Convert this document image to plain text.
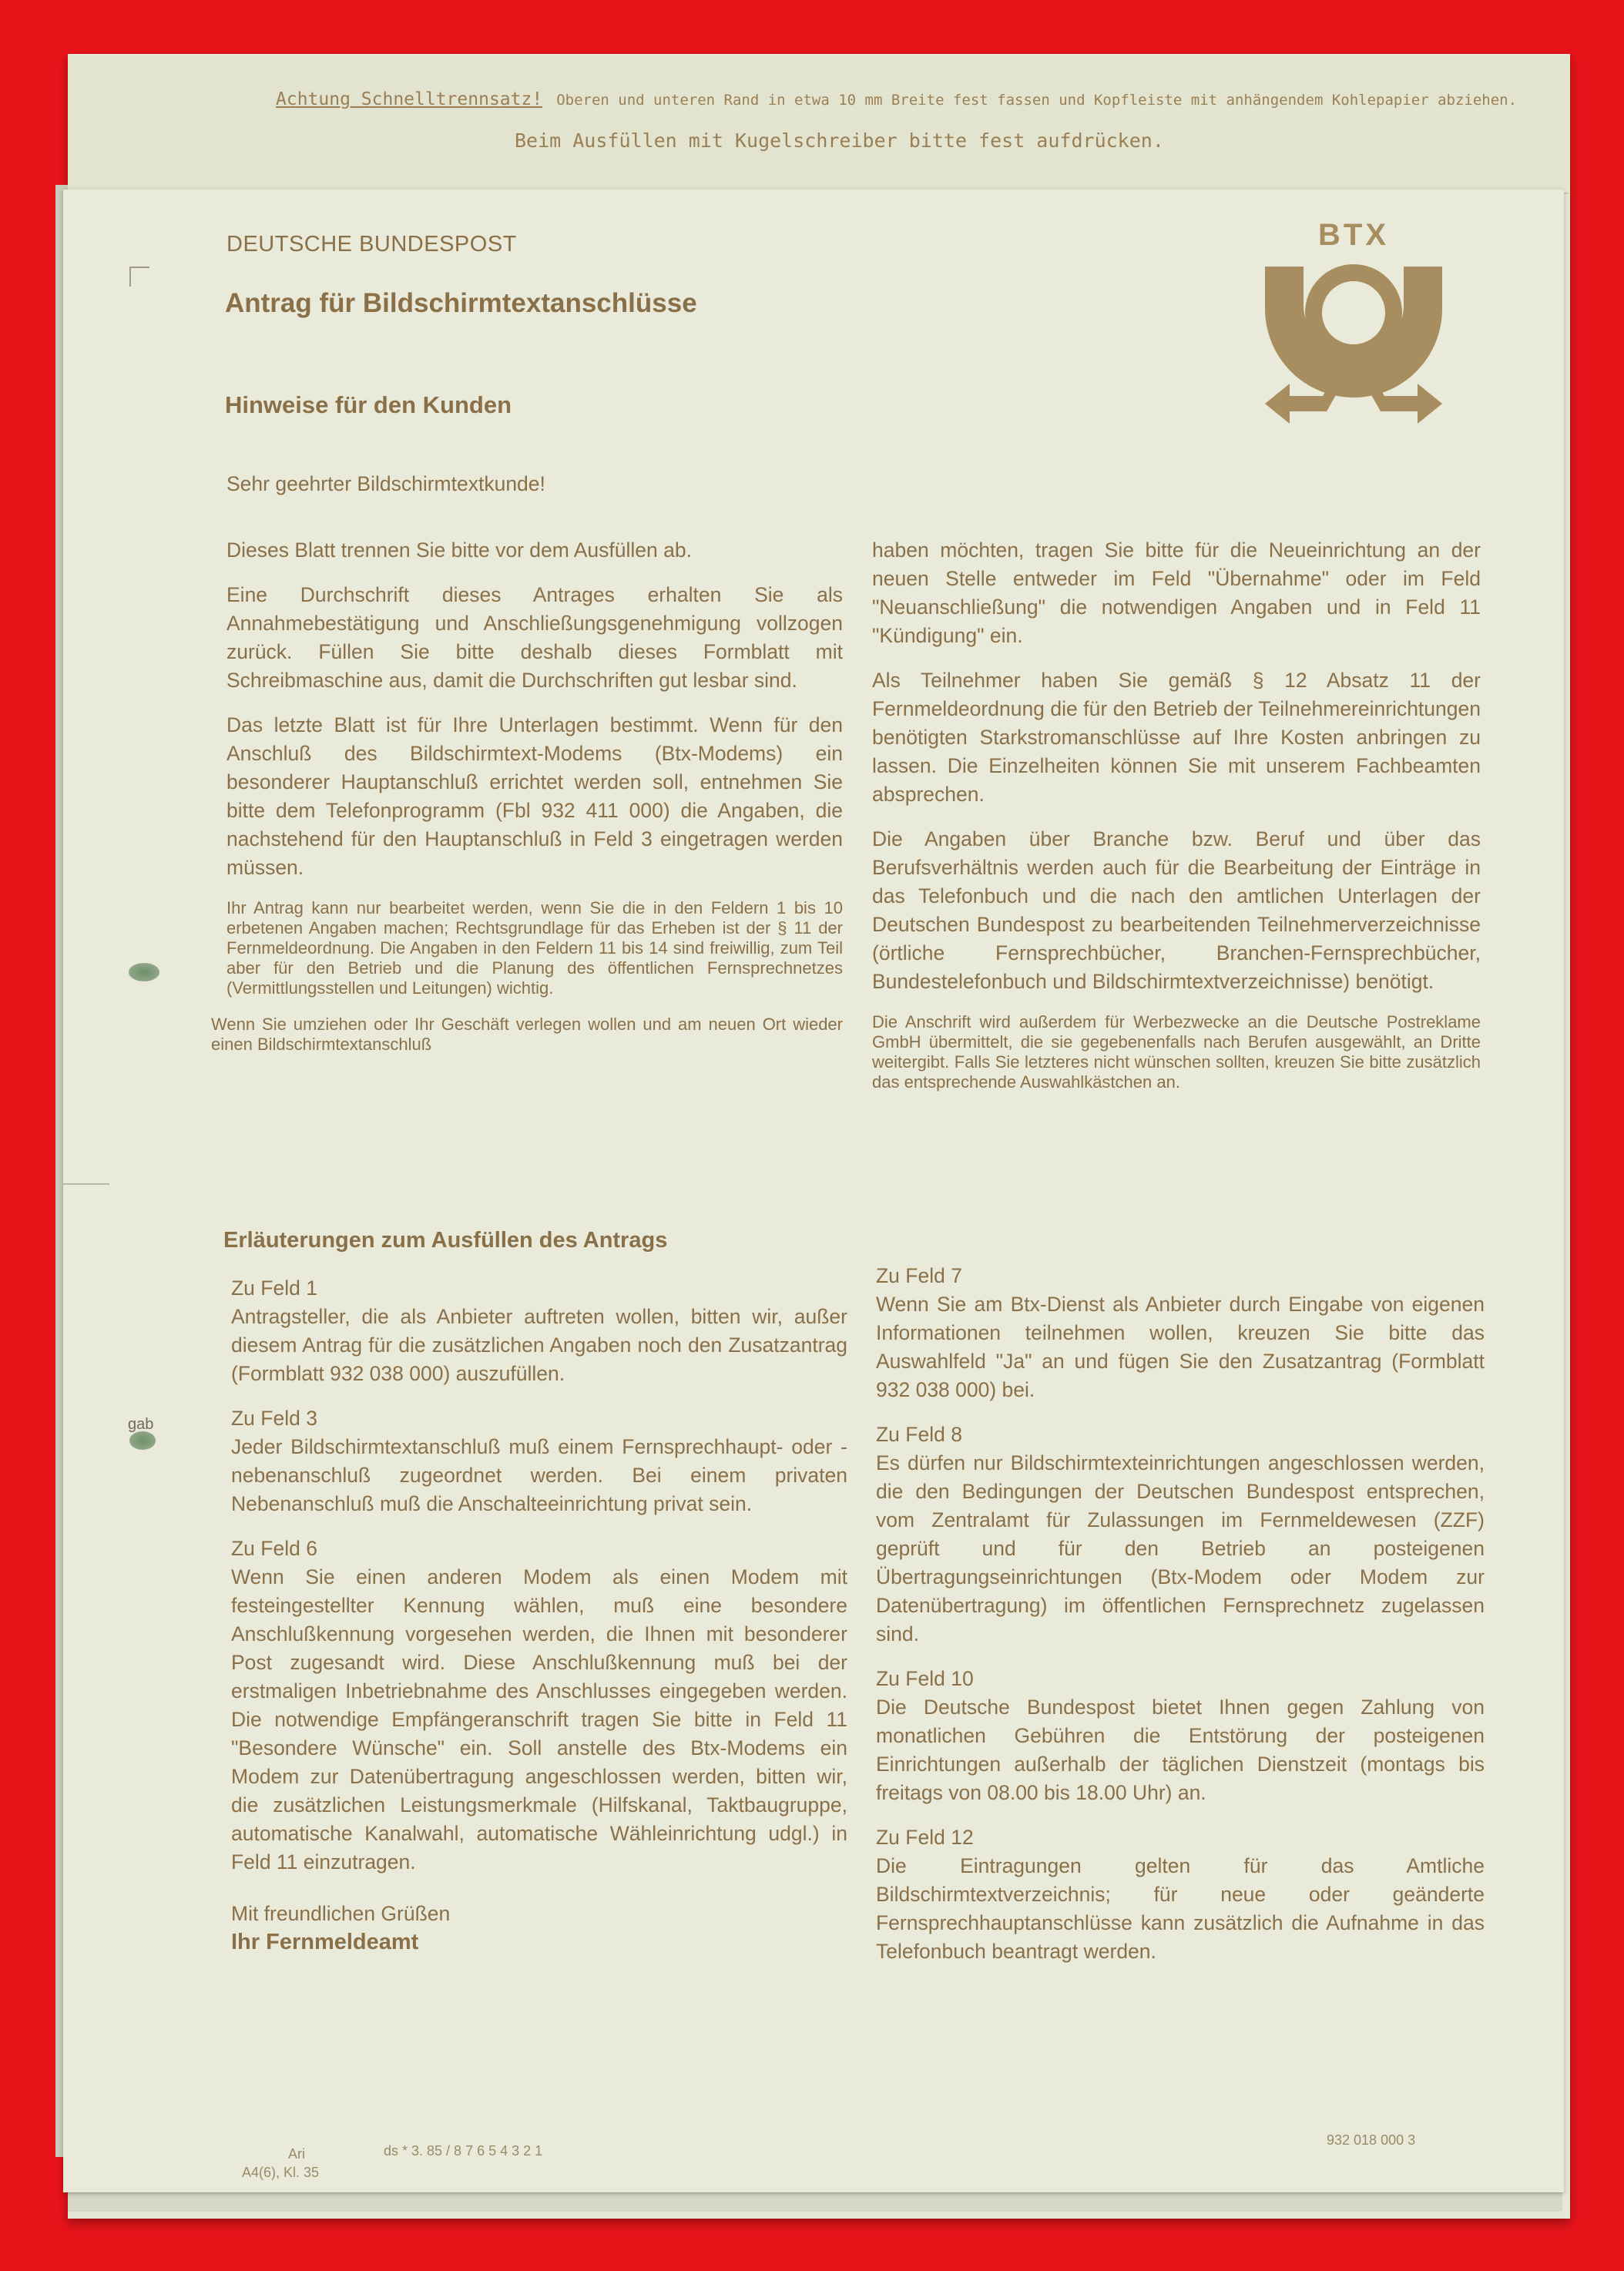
Achtung Schnelltrennsatz! Oberen und unteren Rand in etwa 10 mm Breite fest fassen und Kopfleiste mit anhängendem Kohlepapier abziehen.
Beim Ausfüllen mit Kugelschreiber bitte fest aufdrücken.
DEUTSCHE BUNDESPOST
Antrag für Bildschirmtextanschlüsse
BTX
Hinweise für den Kunden
Sehr geehrter Bildschirmtextkunde!

Dieses Blatt trennen Sie bitte vor dem Ausfüllen ab.

Eine Durchschrift dieses Antrages erhalten Sie als Annahmebestätigung und Anschließungsgenehmigung vollzogen zurück. Füllen Sie bitte deshalb dieses Formblatt mit Schreibmaschine aus, damit die Durchschriften gut lesbar sind.

Das letzte Blatt ist für Ihre Unterlagen bestimmt. Wenn für den Anschluß des Bildschirmtext-Modems (Btx-Modems) ein besonderer Hauptanschluß errichtet werden soll, entnehmen Sie bitte dem Telefonprogramm (Fbl 932 411 000) die Angaben, die nachstehend für den Hauptanschluß in Feld 3 eingetragen werden müssen.

Ihr Antrag kann nur bearbeitet werden, wenn Sie die in den Feldern 1 bis 10 erbetenen Angaben machen; Rechtsgrundlage für das Erheben ist der § 11 der Fernmeldeordnung. Die Angaben in den Feldern 11 bis 14 sind freiwillig, zum Teil aber für den Betrieb und die Planung des öffentlichen Fernsprechnetzes (Vermittlungsstellen und Leitungen) wichtig.

Wenn Sie umziehen oder Ihr Geschäft verlegen wollen und am neuen Ort wieder einen Bildschirmtextanschluß

haben möchten, tragen Sie bitte für die Neueinrichtung an der neuen Stelle entweder im Feld "Übernahme" oder im Feld "Neuanschließung" die notwendigen Angaben und in Feld 11 "Kündigung" ein.

Als Teilnehmer haben Sie gemäß § 12 Absatz 11 der Fernmeldeordnung die für den Betrieb der Teilnehmereinrichtungen benötigten Starkstromanschlüsse auf Ihre Kosten anbringen zu lassen. Die Einzelheiten können Sie mit unserem Fachbeamten absprechen.

Die Angaben über Branche bzw. Beruf und über das Berufsverhältnis werden auch für die Bearbeitung der Einträge in das Telefonbuch und die nach den amtlichen Unterlagen der Deutschen Bundespost zu bearbeitenden Teilnehmerverzeichnisse (örtliche Fernsprechbücher, Branchen-Fernsprechbücher, Bundestelefonbuch und Bildschirmtextverzeichnisse) benötigt.

Die Anschrift wird außerdem für Werbezwecke an die Deutsche Postreklame GmbH übermittelt, die sie gegebenenfalls nach Berufen ausgewählt, an Dritte weitergibt. Falls Sie letzteres nicht wünschen sollten, kreuzen Sie bitte zusätzlich das entsprechende Auswahlkästchen an.

Erläuterungen zum Ausfüllen des Antrags
Zu Feld 1
Antragsteller, die als Anbieter auftreten wollen, bitten wir, außer diesem Antrag für die zusätzlichen Angaben noch den Zusatzantrag (Formblatt 932 038 000) auszufüllen.
Zu Feld 3
Jeder Bildschirmtextanschluß muß einem Fernsprechhaupt- oder -nebenanschluß zugeordnet werden. Bei einem privaten Nebenanschluß muß die Anschalteeinrichtung privat sein.
Zu Feld 6
Wenn Sie einen anderen Modem als einen Modem mit festeingestellter Kennung wählen, muß eine besondere Anschlußkennung vorgesehen werden, die Ihnen mit besonderer Post zugesandt wird. Diese Anschlußkennung muß bei der erstmaligen Inbetriebnahme des Anschlusses eingegeben werden. Die notwendige Empfängeranschrift tragen Sie bitte in Feld 11 "Besondere Wünsche" ein. Soll anstelle des Btx-Modems ein Modem zur Datenübertragung angeschlossen werden, bitten wir, die zusätzlichen Leistungsmerkmale (Hilfskanal, Taktbaugruppe, automatische Kanalwahl, automatische Wähleinrichtung udgl.) in Feld 11 einzutragen.
Mit freundlichen Grüßen
Ihr Fernmeldeamt
Zu Feld 7
Wenn Sie am Btx-Dienst als Anbieter durch Eingabe von eigenen Informationen teilnehmen wollen, kreuzen Sie bitte das Auswahlfeld "Ja" an und fügen Sie den Zusatzantrag (Formblatt 932 038 000) bei.
Zu Feld 8
Es dürfen nur Bildschirmtexteinrichtungen angeschlossen werden, die den Bedingungen der Deutschen Bundespost entsprechen, vom Zentralamt für Zulassungen im Fernmeldewesen (ZZF) geprüft und für den Betrieb an posteigenen Übertragungseinrichtungen (Btx-Modem oder Modem zur Datenübertragung) im öffentlichen Fernsprechnetz zugelassen sind.
Zu Feld 10
Die Deutsche Bundespost bietet Ihnen gegen Zahlung von monatlichen Gebühren die Entstörung der posteigenen Einrichtungen außerhalb der täglichen Dienstzeit (montags bis freitags von 08.00 bis 18.00 Uhr) an.
Zu Feld 12
Die Eintragungen gelten für das Amtliche Bildschirmtextverzeichnis; für neue oder geänderte Fernsprechhauptanschlüsse kann zusätzlich die Aufnahme in das Telefonbuch beantragt werden.
gab
Ari
A4(6), Kl. 35
ds * 3. 85 / 8 7 6 5 4 3 2 1
932 018 000 3
